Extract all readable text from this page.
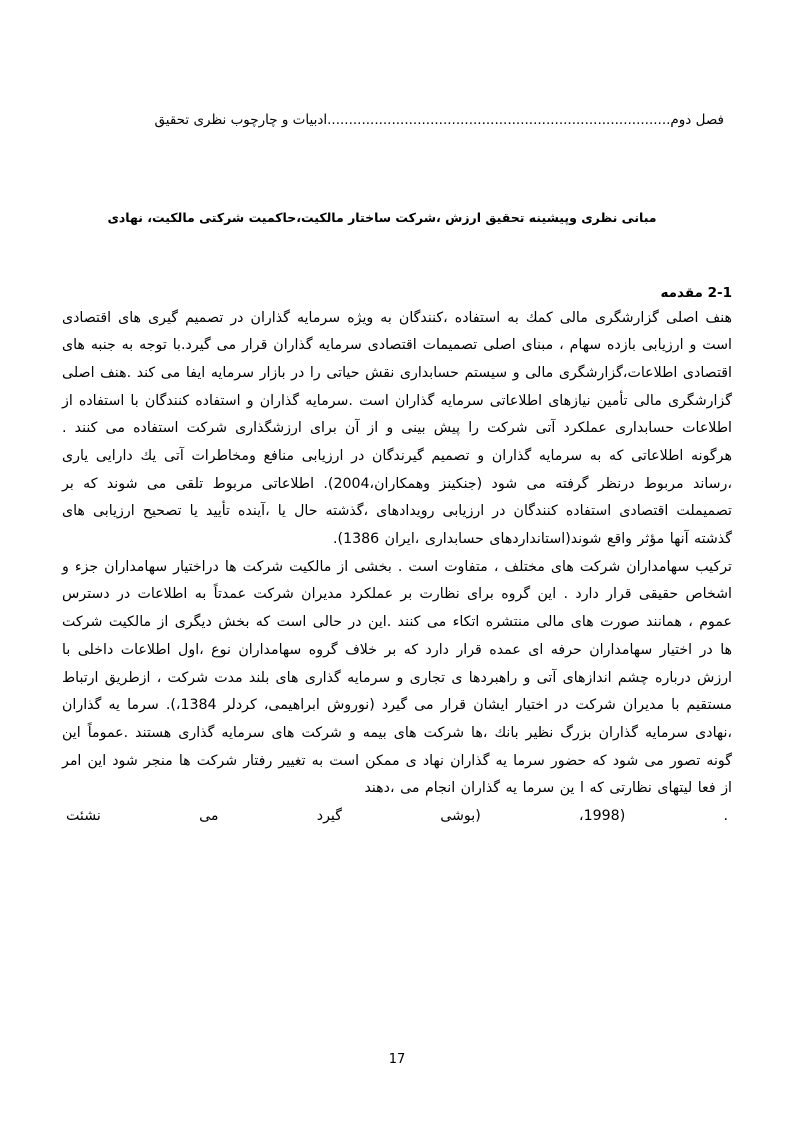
فصل دوم................................................................................ادبیات و چارچوب نظری تحقیق
مبانی نظری وپیشینه تحقیق ارزش ،شرکت ساختار مالکیت،حاکمیت شرکتی مالکیت، نهادی
2-1 مقدمه

هنف اصلی گزارشگری مالی كمك به استفاده ،كنندگان به ویژه سرمایه گذاران در تصمیم گیری های اقتصادی است و ارزیابی بازده سهام ، مبنای اصلی تصمیمات اقتصادی سرمایه گذاران قرار می گیرد.با توجه به جنبه های اقتصادی اطلاعات،گزارشگری مالی و سیستم حسابداری نقش حیاتی را در بازار سرمایه ایفا می كند .هنف اصلی گزارشگری مالی تأمین نیازهای اطلاعاتی سرمایه گذاران است .سرمایه گذاران و استفاده كنندگان با استفاده از اطلاعات حسابداری عملكرد آتی شركت را پیش بینی و از آن برای ارزشگذاری شركت استفاده می كنند . هرگونه اطلاعاتی كه به سرمایه گذاران و تصمیم گیرندگان در ارزیابی منافع ومخاطرات آتی یك دارایی یاری ،رساند مربوط درنظر گرفته می شود (جنكینز وهمكاران،2004). اطلاعاتی مربوط تلقی می شوند كه بر تصمیملت اقتصادی استفاده كنندگان در ارزیابی رویدادهای ،گذشته حال یا ،آینده تأیید یا تصحیح ارزیابی های گذشته آنها مؤثر واقع شوند(استانداردهای حسابداری ،ایران 1386).

تركیب سهامداران شركت های مختلف ، متفاوت است . بخشی از مالكیت شركت ها دراختیار سهامداران جزء و اشخاص حقیقی قرار دارد . این گروه برای نظارت بر عملكرد مدیران شركت عمدتاً به اطلاعات در دسترس عموم ، همانند صورت های مالی منتشره اتكاء می كنند .این در حالی است كه بخش دیگری از مالكیت شركت ها در اختیار سهامداران حرفه ای عمده قرار دارد كه بر خلاف گروه سهامداران نوع ،اول اطلاعات داخلی با ارزش درباره چشم اندازهای آتی و راهبردها ی تجاری و سرمایه گذاری های بلند مدت شركت ، ازطریق ارتباط مستقیم با مدیران شركت در اختیار ایشان قرار می گیرد (نوروش ابراهیمی، كردلر 1384،). سرما یه گذاران ،نهادی سرمایه گذاران بزرگ نظیر بانك ،ها شركت های بیمه و شركت های سرمایه گذاری هستند .عموماً این گونه تصور می شود كه حضور سرما یه گذاران نهاد ی ممكن است به تغییر رفتار شركت ها منجر شود این امر از فعا لیتهای نظارتی كه ا ین سرما یه گذاران انجام می ،دهند

.
(1998،
(بوشی
گیرد
می
نشئت
17
